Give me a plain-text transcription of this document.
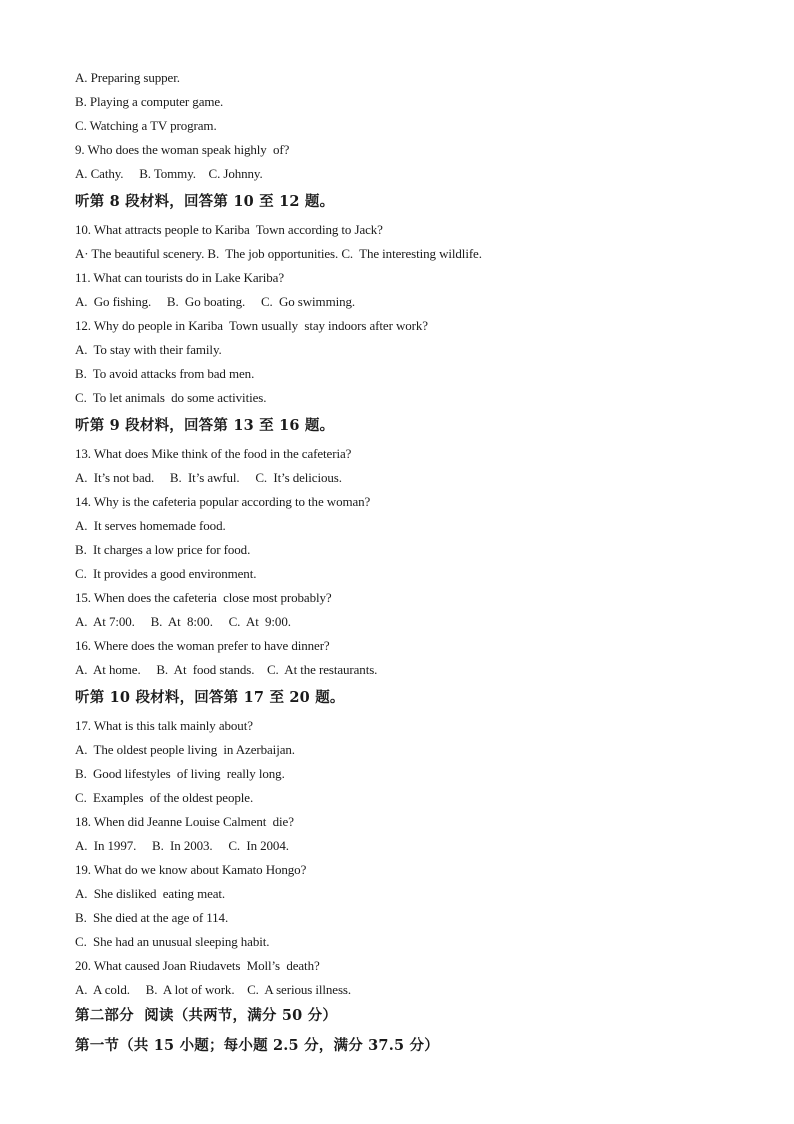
A. Preparing supper.
B. Playing a computer game.
C. Watching a TV program.
9. Who does the woman speak highly  of?
A. Cathy.     B. Tommy.    C. Johnny.
听第 8 段材料，回答第 10 至 12 题。
10. What attracts people to Kariba  Town according to Jack?
A· The beautiful scenery. B.  The job opportunities. C.  The interesting wildlife.
11. What can tourists do in Lake Kariba?
A.  Go fishing.     B.  Go boating.     C.  Go swimming.
12. Why do people in Kariba  Town usually  stay indoors after work?
A.  To stay with their family.
B.  To avoid attacks from bad men.
C.  To let animals  do some activities.
听第 9 段材料，回答第 13 至 16 题。
13. What does Mike think of the food in the cafeteria?
A.  It’s not bad.     B.  It’s awful.     C.  It’s delicious.
14. Why is the cafeteria popular according to the woman?
A.  It serves homemade food.
B.  It charges a low price for food.
C.  It provides a good environment.
15. When does the cafeteria  close most probably?
A.  At 7:00.     B.  At  8:00.     C.  At  9:00.
16. Where does the woman prefer to have dinner?
A.  At home.     B.  At  food stands.    C.  At the restaurants.
听第 10 段材料，回答第 17 至 20 题。
17. What is this talk mainly about?
A.  The oldest people living  in Azerbaijan.
B.  Good lifestyles  of living  really long.
C.  Examples  of the oldest people.
18. When did Jeanne Louise Calment  die?
A.  In 1997.     B.  In 2003.     C.  In 2004.
19. What do we know about Kamato Hongo?
A.  She disliked  eating meat.
B.  She died at the age of 114.
C.  She had an unusual sleeping habit.
20. What caused Joan Riudavets  Moll’s  death?
A.  A cold.     B.  A lot of work.    C.  A serious illness.
第二部分  阅读（共两节，满分 50 分）
第一节（共 15 小题；每小题 2.5 分，满分 37.5 分）
